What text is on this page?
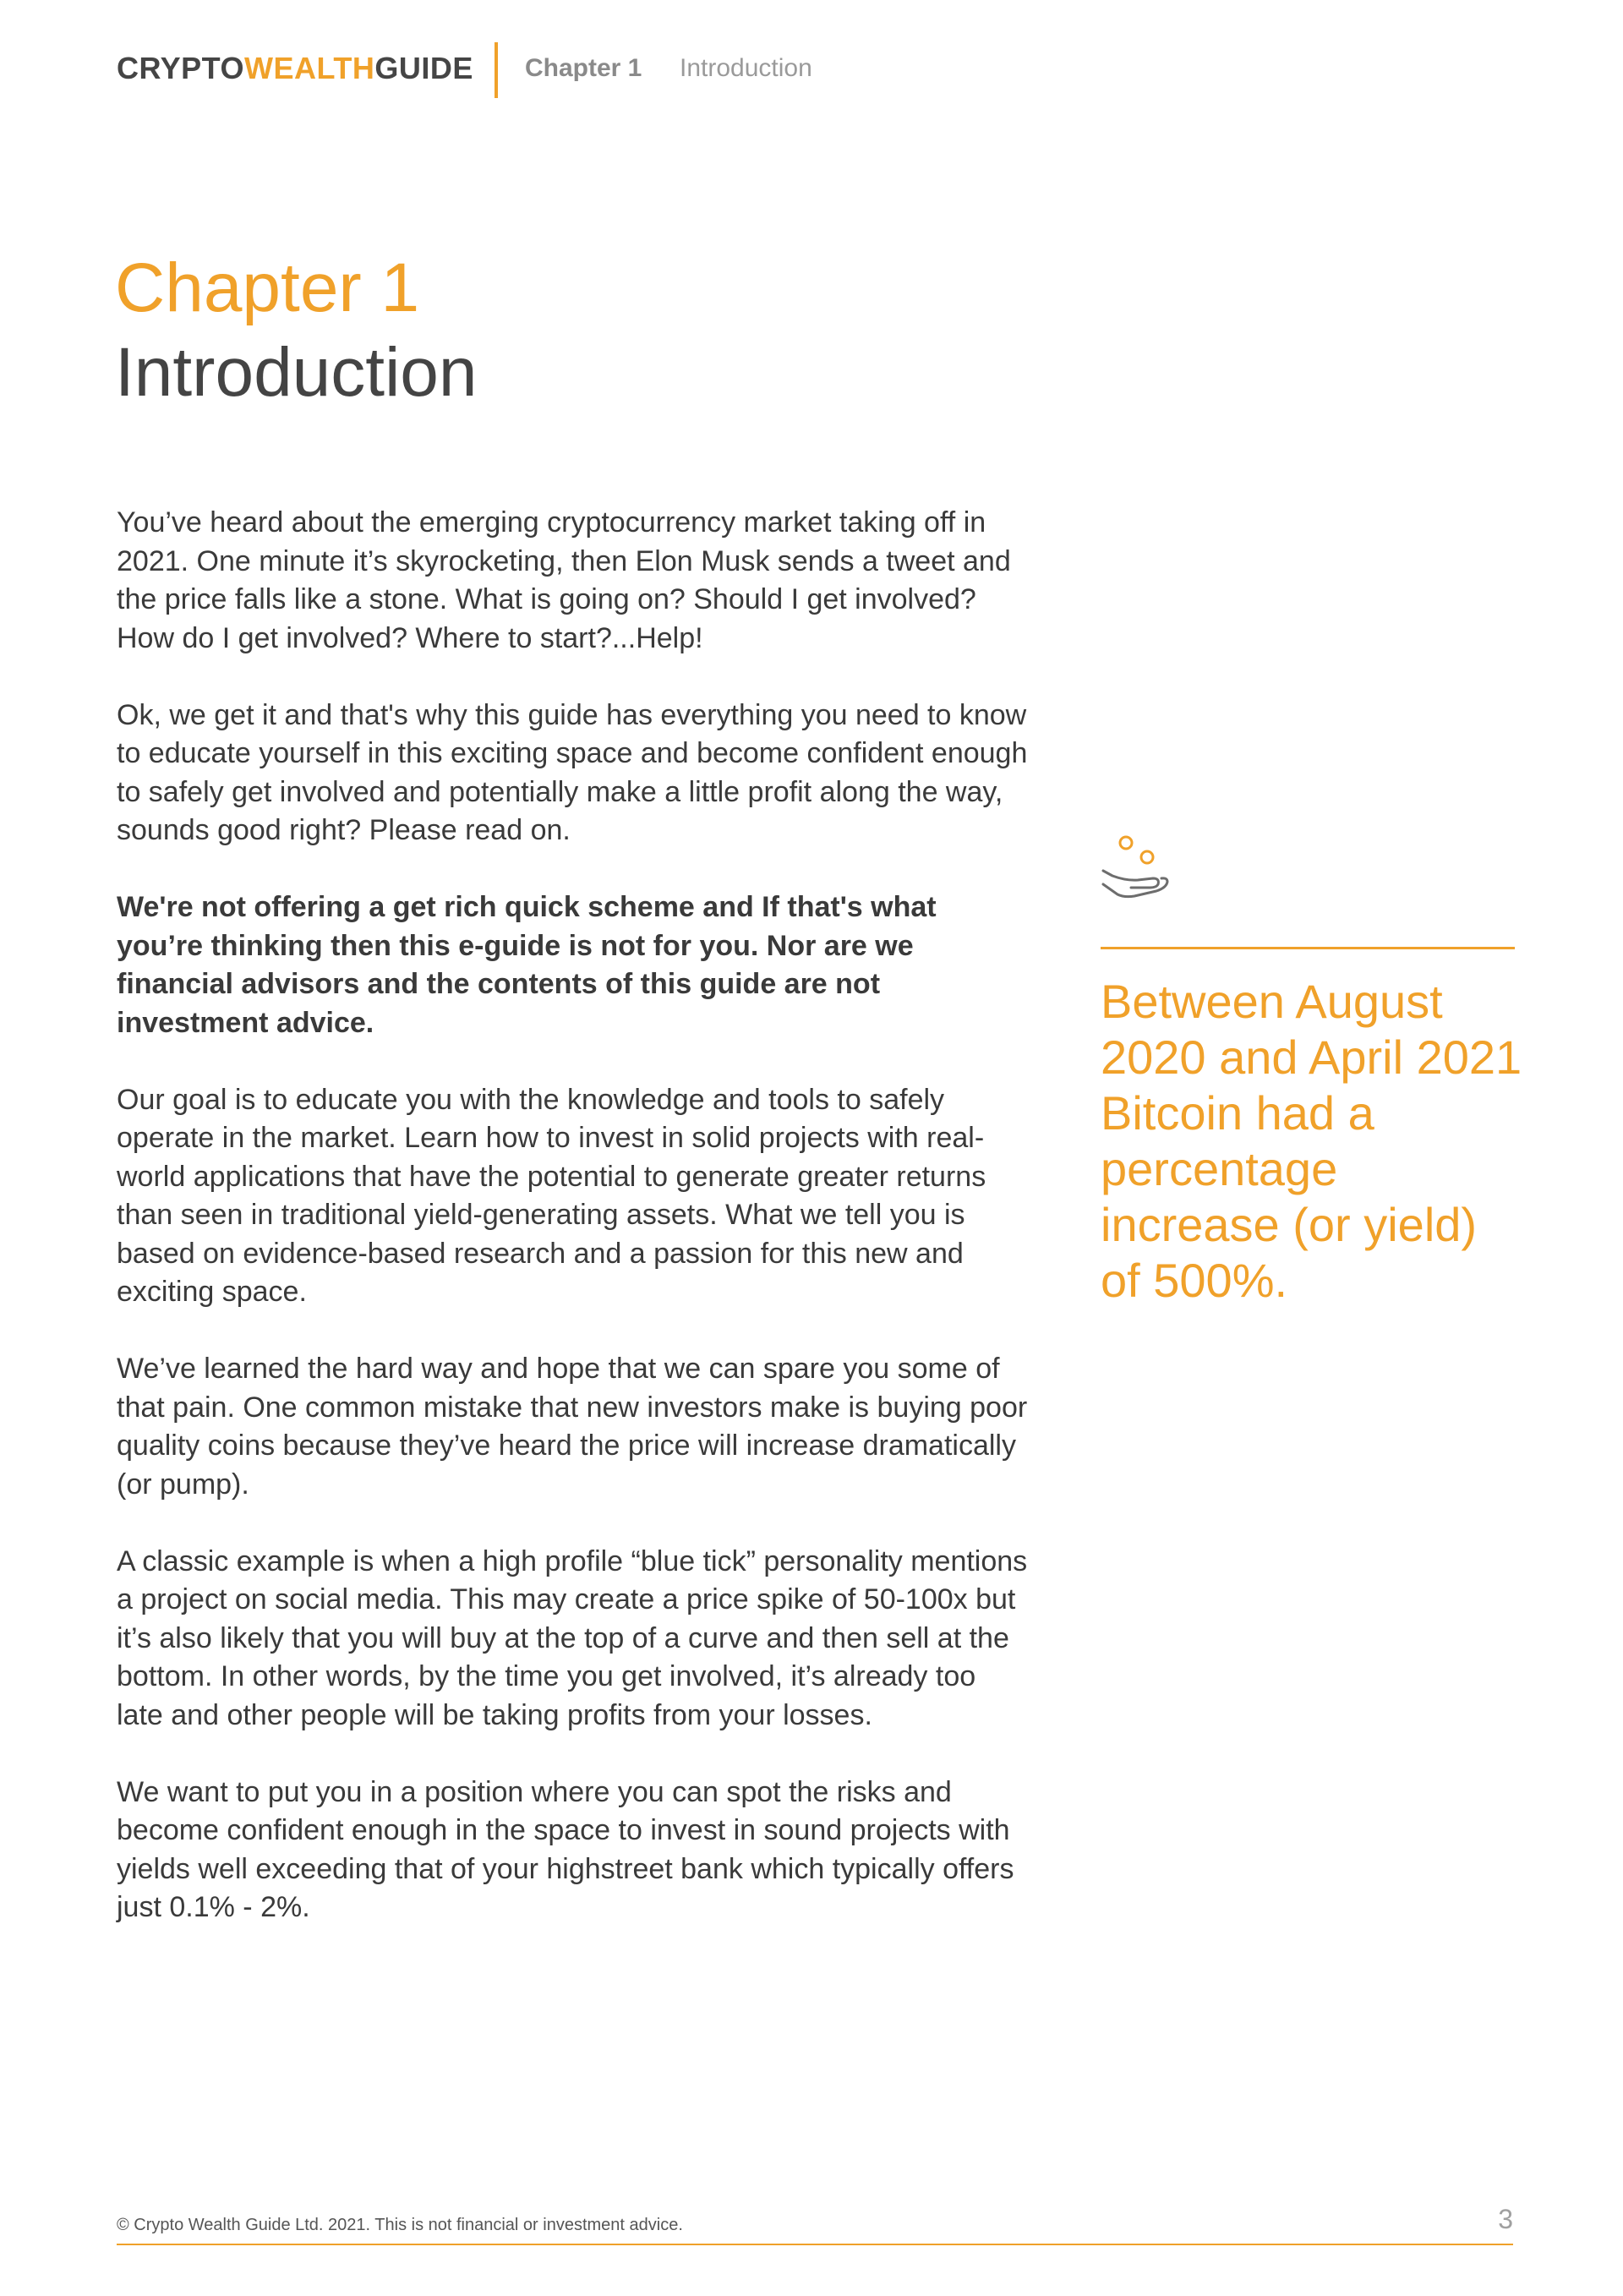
CRYPTOWEALTHGUIDE Chapter 1 Introduction
Chapter 1
Introduction

You’ve heard about the emerging cryptocurrency market taking off in 2021. One minute it’s skyrocketing, then Elon Musk sends a tweet and the price falls like a stone. What is going on? Should I get involved? How do I get involved? Where to start?...Help!

Ok, we get it and that's why this guide has everything you need to know to educate yourself in this exciting space and become confident enough to safely get involved and potentially make a little profit along the way, sounds good right? Please read on.

We're not offering a get rich quick scheme and If that's what you’re thinking then this e-guide is not for you. Nor are we financial advisors and the contents of this guide are not investment advice.

Our goal is to educate you with the knowledge and tools to safely operate in the market. Learn how to invest in solid projects with real-world applications that have the potential to generate greater returns than seen in traditional yield-generating assets. What we tell you is based on evidence-based research and a passion for this new and exciting space.

We’ve learned the hard way and hope that we can spare you some of that pain. One common mistake that new investors make is buying poor quality coins because they’ve heard the price will increase dramatically (or pump).

A classic example is when a high profile “blue tick” personality mentions a project on social media. This may create a price spike of 50-100x but it’s also likely that you will buy at the top of a curve and then sell at the bottom. In other words, by the time you get involved, it’s already too late and other people will be taking profits from your losses.

We want to put you in a position where you can spot the risks and become confident enough in the space to invest in sound projects with yields well exceeding that of your highstreet bank which typically offers just 0.1% - 2%.

Between August 2020 and April 2021 Bitcoin had a percentage increase (or yield) of 500%.
© Crypto Wealth Guide Ltd. 2021. This is not financial or investment advice.	3
